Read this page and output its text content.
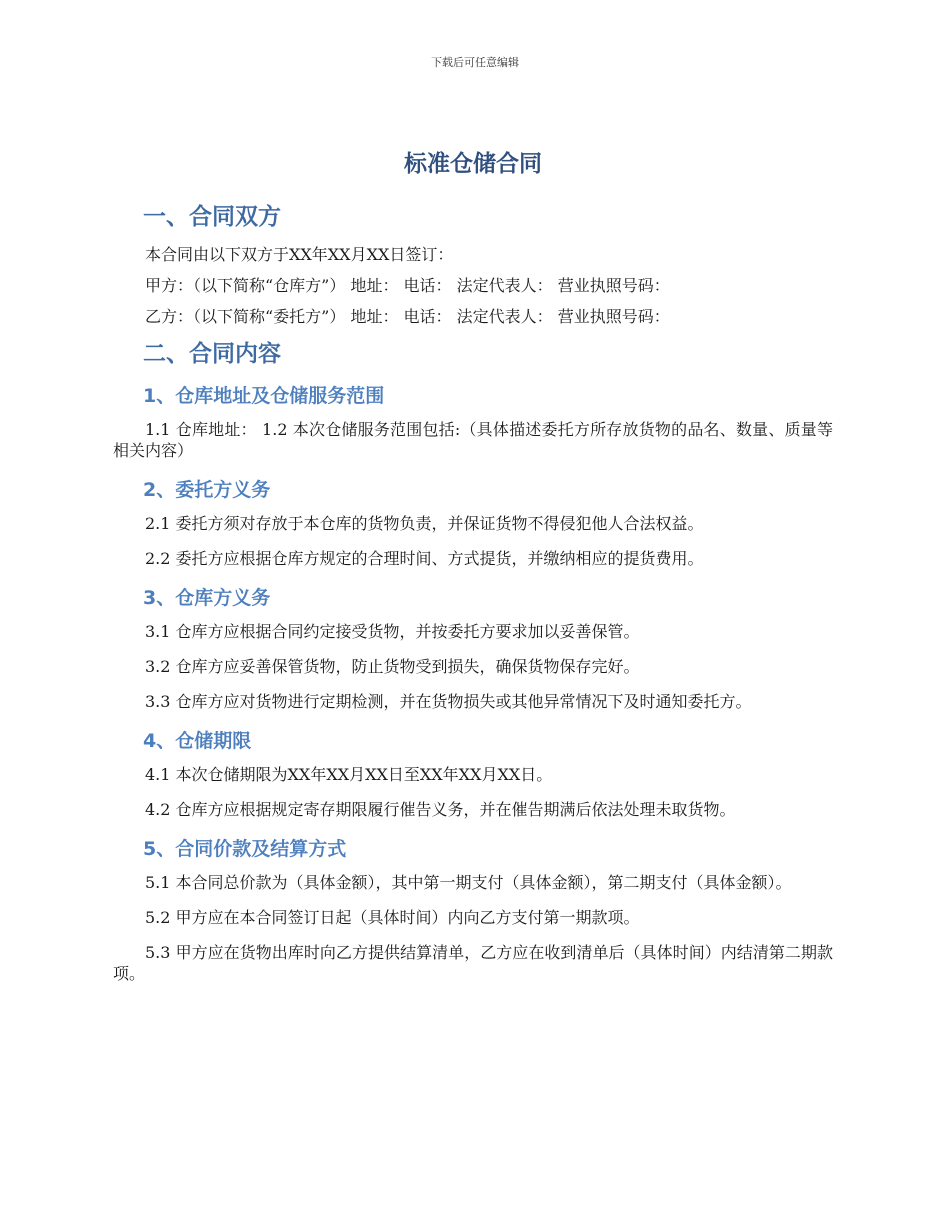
下载后可任意编辑
标准仓储合同
一、合同双方

本合同由以下双方于XX年XX月XX日签订：

甲方：（以下简称“仓库方”） 地址： 电话： 法定代表人： 营业执照号码：

乙方：（以下简称“委托方”） 地址： 电话： 法定代表人： 营业执照号码：

二、合同内容
1、仓库地址及仓储服务范围

1.1 仓库地址： 1.2 本次仓储服务范围包括:（具体描述委托方所存放货物的品名、数量、质量等相关内容）

2、委托方义务

2.1 委托方须对存放于本仓库的货物负责，并保证货物不得侵犯他人合法权益。

2.2 委托方应根据仓库方规定的合理时间、方式提货，并缴纳相应的提货费用。

3、仓库方义务

3.1 仓库方应根据合同约定接受货物，并按委托方要求加以妥善保管。

3.2 仓库方应妥善保管货物，防止货物受到损失，确保货物保存完好。

3.3 仓库方应对货物进行定期检测，并在货物损失或其他异常情况下及时通知委托方。

4、仓储期限

4.1 本次仓储期限为XX年XX月XX日至XX年XX月XX日。

4.2 仓库方应根据规定寄存期限履行催告义务，并在催告期满后依法处理未取货物。

5、合同价款及结算方式

5.1 本合同总价款为（具体金额），其中第一期支付（具体金额），第二期支付（具体金额）。

5.2 甲方应在本合同签订日起（具体时间）内向乙方支付第一期款项。

5.3 甲方应在货物出库时向乙方提供结算清单，乙方应在收到清单后（具体时间）内结清第二期款项。
